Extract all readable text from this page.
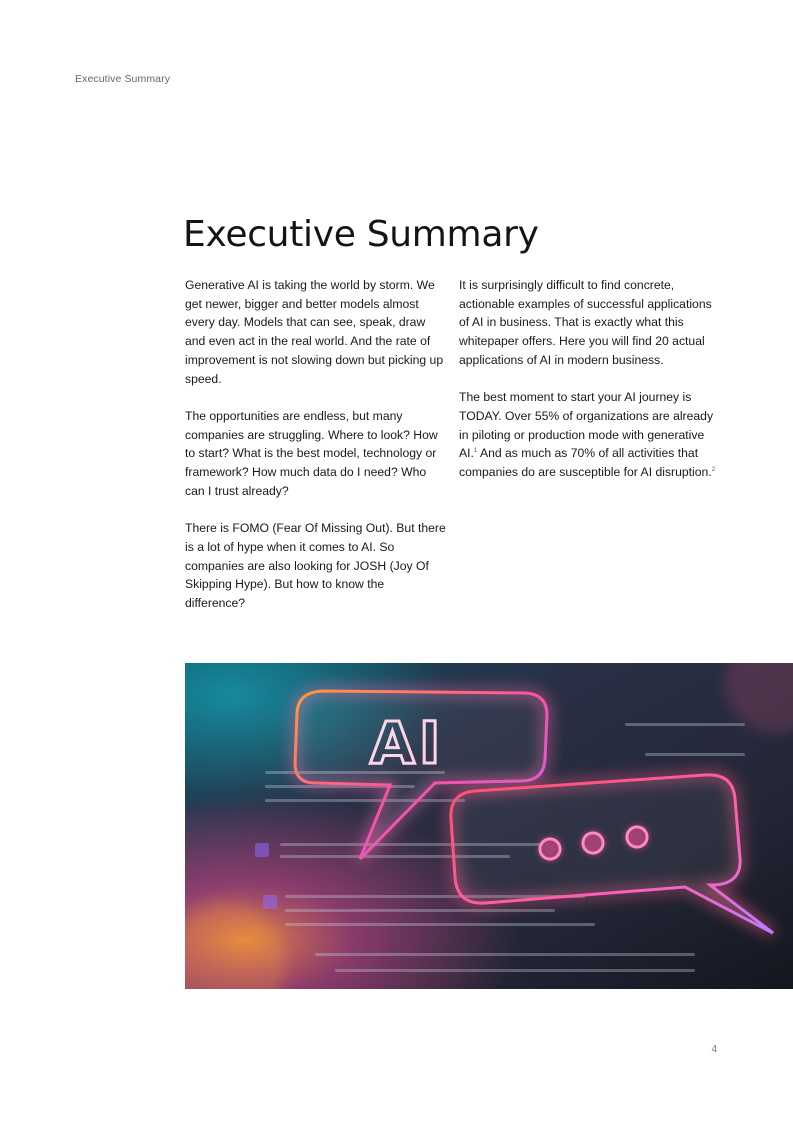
Executive Summary
Executive Summary

Generative AI is taking the world by storm. We get newer, bigger and better models almost every day. Models that can see, speak, draw and even act in the real world. And the rate of improvement is not slowing down but picking up speed.

The opportunities are endless, but many companies are struggling. Where to look? How to start? What is the best model, technology or framework? How much data do I need? Who can I trust already?

There is FOMO (Fear Of Missing Out). But there is a lot of hype when it comes to AI. So companies are also looking for JOSH (Joy Of Skipping Hype). But how to know the difference?

It is surprisingly difficult to find concrete, actionable examples of successful applications of AI in business. That is exactly what this whitepaper offers. Here you will find 20 actual applications of AI in modern business.

The best moment to start your AI journey is TODAY. Over 55% of organizations are already in piloting or production mode with generative AI.$^1$ And as much as 70% of all activities that companies do are susceptible for AI disruption.$^2$

AI
4
